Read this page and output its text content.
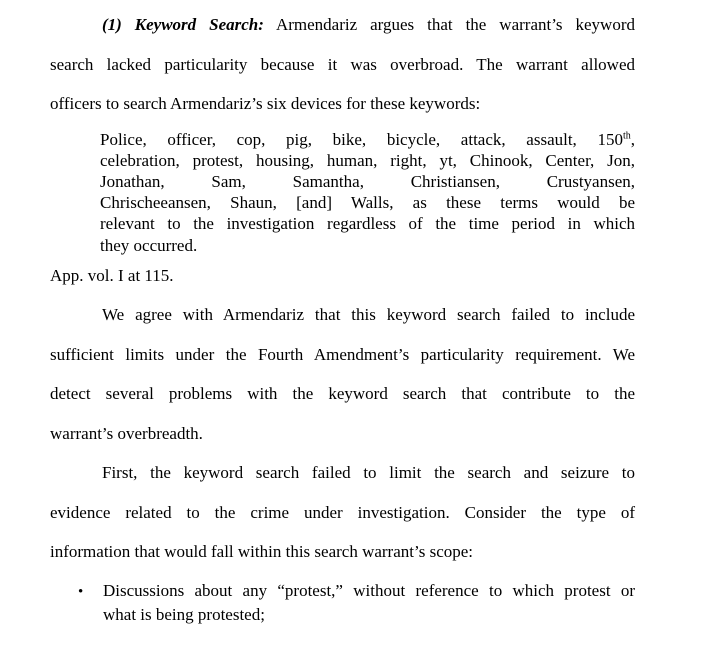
(1) Keyword Search: Armendariz argues that the warrant’s keyword
search lacked particularity because it was overbroad. The warrant allowed
officers to search Armendariz’s six devices for these keywords:
Police, officer, cop, pig, bike, bicycle, attack, assault, 150th,
celebration, protest, housing, human, right, yt, Chinook, Center, Jon,
Jonathan, Sam, Samantha, Christiansen, Crustyansen,
Chrischeeansen, Shaun, [and] Walls, as these terms would be
relevant to the investigation regardless of the time period in which
they occurred.
App. vol. I at 115.
We agree with Armendariz that this keyword search failed to include
sufficient limits under the Fourth Amendment’s particularity requirement. We
detect several problems with the keyword search that contribute to the
warrant’s overbreadth.
First, the keyword search failed to limit the search and seizure to
evidence related to the crime under investigation. Consider the type of
information that would fall within this search warrant’s scope:
• Discussions about any “protest,” without reference to which protest or
what is being protested;
